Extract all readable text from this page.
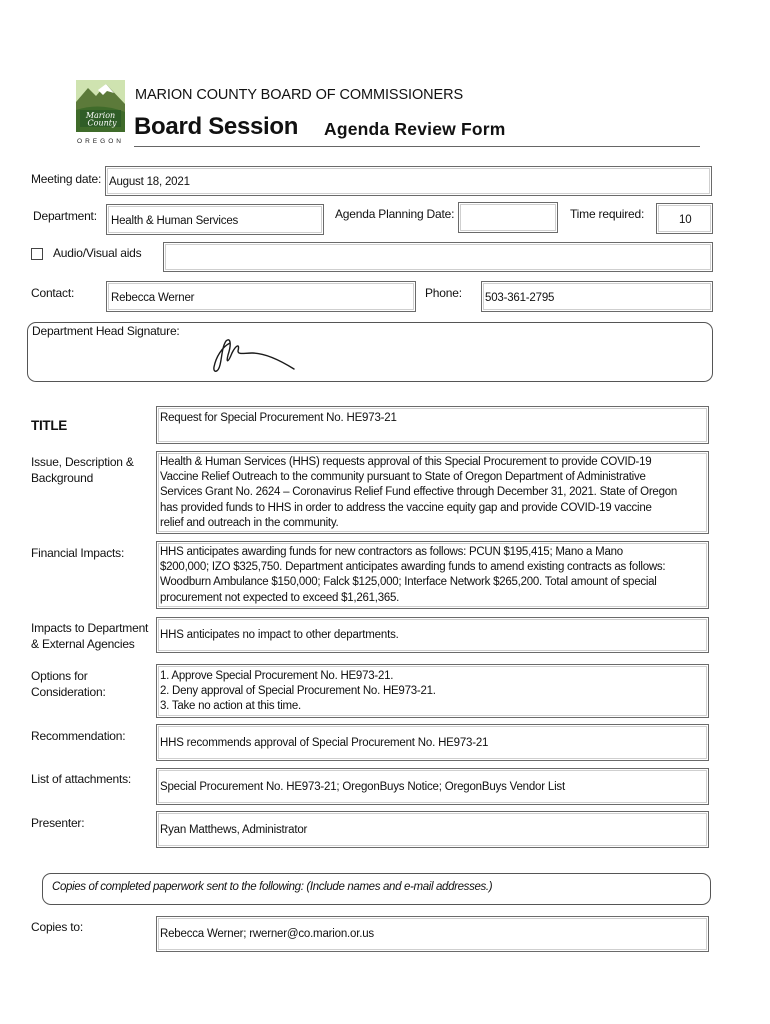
Marion
County
OREGON
MARION COUNTY BOARD OF COMMISSIONERS
Board Session Agenda Review Form
Meeting date: August 18, 2021
Department: Health & Human Services	Agenda Planning Date:	Time required:	10
Audio/Visual aids
Contact:	Rebecca Werner	Phone: 503-361-2795
Department Head Signature:
TITLE	Request for Special Procurement No. HE973-21
Issue, Description &
Background
Health & Human Services (HHS) requests approval of this Special Procurement to provide COVID-19
Vaccine Relief Outreach to the community pursuant to State of Oregon Department of Administrative
Services Grant No. 2624 – Coronavirus Relief Fund effective through December 31, 2021. State of Oregon
has provided funds to HHS in order to address the vaccine equity gap and provide COVID-19 vaccine
relief and outreach in the community.
Financial Impacts:	HHS anticipates awarding funds for new contractors as follows: PCUN $195,415; Mano a Mano
$200,000; IZO $325,750. Department anticipates awarding funds to amend existing contracts as follows:
Woodburn Ambulance $150,000; Falck $125,000; Interface Network $265,200. Total amount of special
procurement not expected to exceed $1,261,365.
Impacts to Department
& External Agencies
HHS anticipates no impact to other departments.
Options for
Consideration:
1. Approve Special Procurement No. HE973-21.
2. Deny approval of Special Procurement No. HE973-21.
3. Take no action at this time.
Recommendation:	HHS recommends approval of Special Procurement No. HE973-21
List of attachments:
Special Procurement No. HE973-21; OregonBuys Notice; OregonBuys Vendor List
Presenter:	Ryan Matthews, Administrator
Copies of completed paperwork sent to the following: (Include names and e-mail addresses.)
Copies to:	Rebecca Werner; rwerner@co.marion.or.us
